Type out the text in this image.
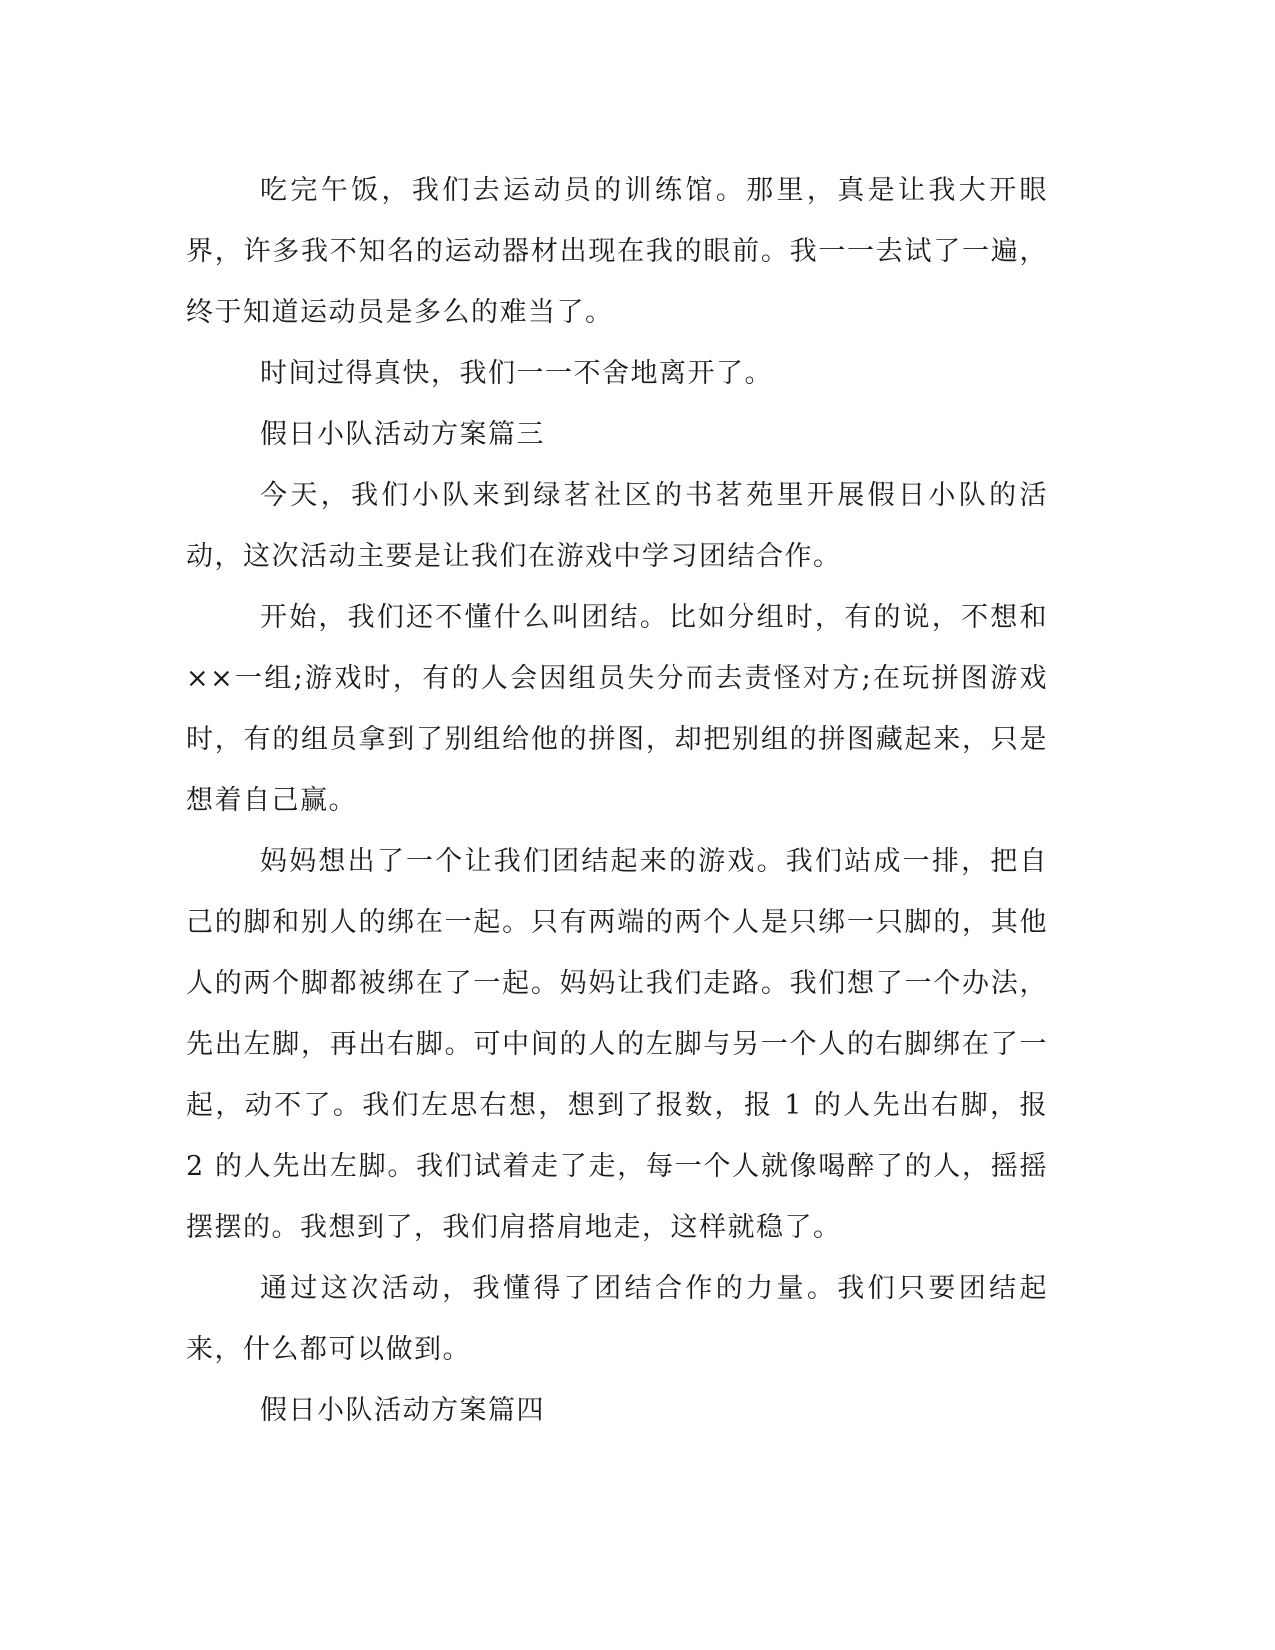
吃完午饭，我们去运动员的训练馆。那里，真是让我大开眼界，许多我不知名的运动器材出现在我的眼前。我一一去试了一遍，终于知道运动员是多么的难当了。

时间过得真快，我们一一不舍地离开了。

假日小队活动方案篇三

今天，我们小队来到绿茗社区的书茗苑里开展假日小队的活动，这次活动主要是让我们在游戏中学习团结合作。

开始，我们还不懂什么叫团结。比如分组时，有的说，不想和××一组;游戏时，有的人会因组员失分而去责怪对方;在玩拼图游戏时，有的组员拿到了别组给他的拼图，却把别组的拼图藏起来，只是想着自己赢。

妈妈想出了一个让我们团结起来的游戏。我们站成一排，把自己的脚和别人的绑在一起。只有两端的两个人是只绑一只脚的，其他人的两个脚都被绑在了一起。妈妈让我们走路。我们想了一个办法，先出左脚，再出右脚。可中间的人的左脚与另一个人的右脚绑在了一起，动不了。我们左思右想，想到了报数，报 1 的人先出右脚，报 2 的人先出左脚。我们试着走了走，每一个人就像喝醉了的人，摇摇摆摆的。我想到了，我们肩搭肩地走，这样就稳了。

通过这次活动，我懂得了团结合作的力量。我们只要团结起来，什么都可以做到。

假日小队活动方案篇四
